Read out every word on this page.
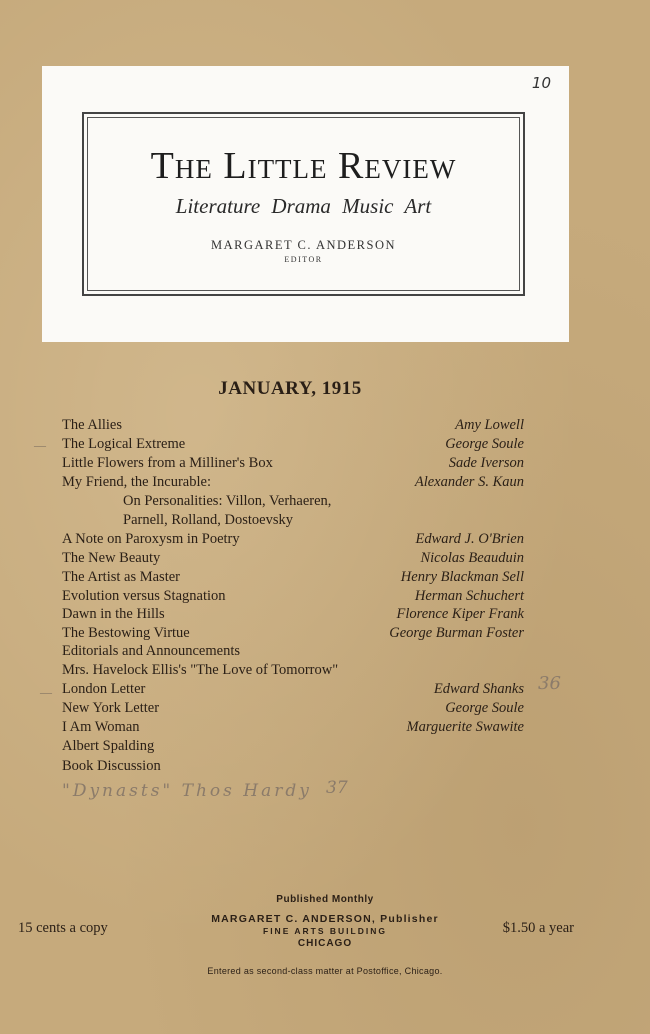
10
The Little Review
Literature Drama Music Art
MARGARET C. ANDERSON
EDITOR
JANUARY, 1915
The Allies	Amy Lowell
The Logical Extreme	George Soule
Little Flowers from a Milliner's Box	Sade Iverson
My Friend, the Incurable:	Alexander S. Kaun
On Personalities: Villon, Verhaeren,
Parnell, Rolland, Dostoevsky
A Note on Paroxysm in Poetry	Edward J. O'Brien
The New Beauty	Nicolas Beauduin
The Artist as Master	Henry Blackman Sell
Evolution versus Stagnation	Herman Schuchert
Dawn in the Hills	Florence Kiper Frank
The Bestowing Virtue	George Burman Foster
Editorials and Announcements
Mrs. Havelock Ellis's "The Love of Tomorrow"
London Letter	Edward Shanks
New York Letter	George Soule
I Am Woman	Marguerite Swawite
Albert Spalding
Book Discussion
––
––	36
"Dynasts" Thos Hardy 37
Published Monthly
MARGARET C. ANDERSON, Publisher
FINE ARTS BUILDING
CHICAGO
Entered as second-class matter at Postoffice, Chicago.
15 cents a copy	$1.50 a year
